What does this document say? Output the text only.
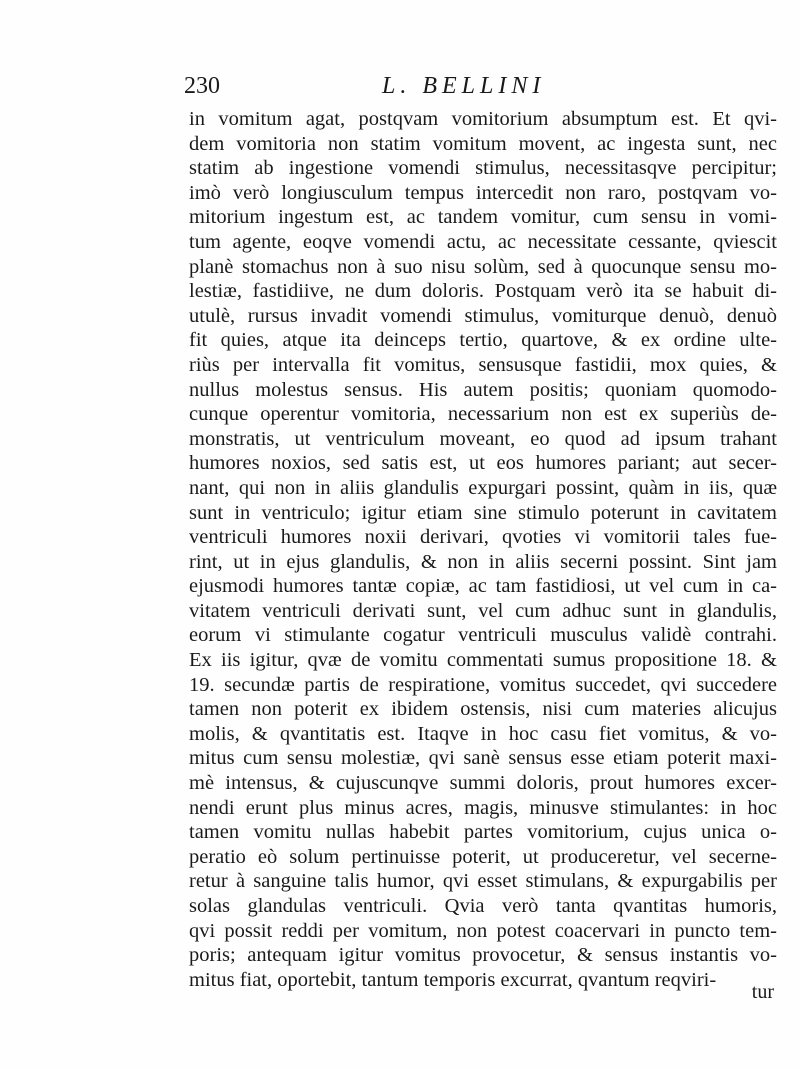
230	L. BELLINI
in vomitum agat, postqvam vomitorium absumptum est. Et qvi-
dem vomitoria non statim vomitum movent, ac ingesta sunt, nec
statim ab ingestione vomendi stimulus, necessitasqve percipitur;
imò verò longiusculum tempus intercedit non raro, postqvam vo-
mitorium ingestum est, ac tandem vomitur, cum sensu in vomi-
tum agente, eoqve vomendi actu, ac necessitate cessante, qviescit
planè stomachus non à suo nisu solùm, sed à quocunque sensu mo-
lestiæ, fastidiive, ne dum doloris. Postquam verò ita se habuit di-
utulè, rursus invadit vomendi stimulus, vomiturque denuò, denuò
fit quies, atque ita deinceps tertio, quartove, & ex ordine ulte-
riùs per intervalla fit vomitus, sensusque fastidii, mox quies, &
nullus molestus sensus. His autem positis; quoniam quomodo-
cunque operentur vomitoria, necessarium non est ex superiùs de-
monstratis, ut ventriculum moveant, eo quod ad ipsum trahant
humores noxios, sed satis est, ut eos humores pariant; aut secer-
nant, qui non in aliis glandulis expurgari possint, quàm in iis, quæ
sunt in ventriculo; igitur etiam sine stimulo poterunt in cavitatem
ventriculi humores noxii derivari, qvoties vi vomitorii tales fue-
rint, ut in ejus glandulis, & non in aliis secerni possint. Sint jam
ejusmodi humores tantæ copiæ, ac tam fastidiosi, ut vel cum in ca-
vitatem ventriculi derivati sunt, vel cum adhuc sunt in glandulis,
eorum vi stimulante cogatur ventriculi musculus validè contrahi.
Ex iis igitur, qvæ de vomitu commentati sumus propositione 18. &
19. secundæ partis de respiratione, vomitus succedet, qvi succedere
tamen non poterit ex ibidem ostensis, nisi cum materies alicujus
molis, & qvantitatis est. Itaqve in hoc casu fiet vomitus, & vo-
mitus cum sensu molestiæ, qvi sanè sensus esse etiam poterit maxi-
mè intensus, & cujuscunqve summi doloris, prout humores excer-
nendi erunt plus minus acres, magis, minusve stimulantes: in hoc
tamen vomitu nullas habebit partes vomitorium, cujus unica o-
peratio eò solum pertinuisse poterit, ut produceretur, vel secerne-
retur à sanguine talis humor, qvi esset stimulans, & expurgabilis per
solas glandulas ventriculi. Qvia verò tanta qvantitas humoris,
qvi possit reddi per vomitum, non potest coacervari in puncto tem-
poris; antequam igitur vomitus provocetur, & sensus instantis vo-
mitus fiat, oportebit, tantum temporis excurrat, qvantum reqviri-
tur
